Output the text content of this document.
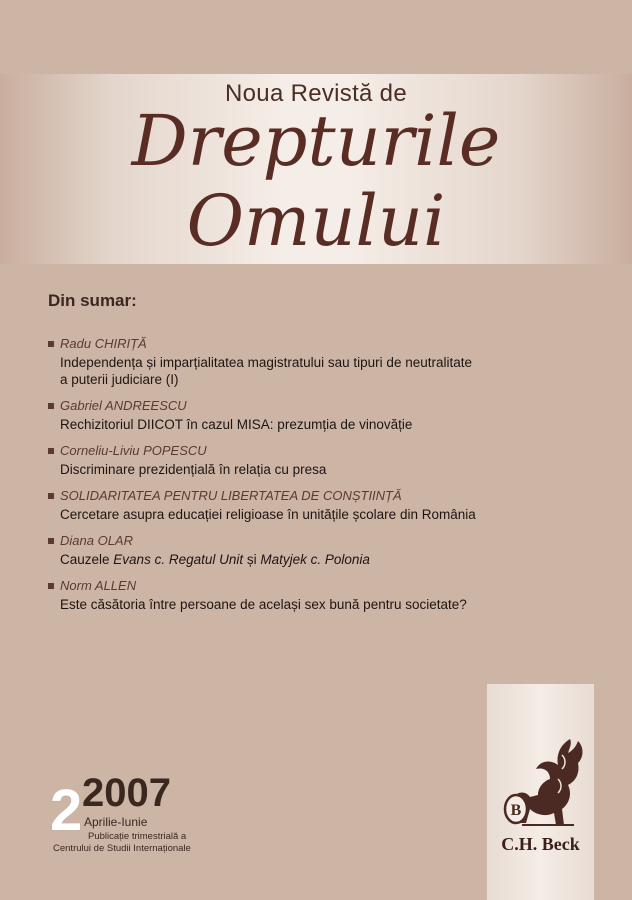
Noua Revistă de
Drepturile
Omului
Din sumar:
Radu CHIRIȚĂ
Independența și imparțialitatea magistratului sau tipuri de neutralitate
a puterii judiciare (I)
Gabriel ANDREESCU
Rechizitoriul DIICOT în cazul MISA: prezumția de vinovăție
Corneliu-Liviu POPESCU
Discriminare prezidențială în relația cu presa
SOLIDARITATEA PENTRU LIBERTATEA DE CONȘTIINȚĂ
Cercetare asupra educației religioase în unitățile școlare din România
Diana OLAR
Cauzele Evans c. Regatul Unit și Matyjek c. Polonia
Norm ALLEN
Este căsătoria între persoane de același sex bună pentru societate?
B
C.H. Beck
2 2007
Aprilie-Iunie
Publicație trimestrială a
Centrului de Studii Internaționale
